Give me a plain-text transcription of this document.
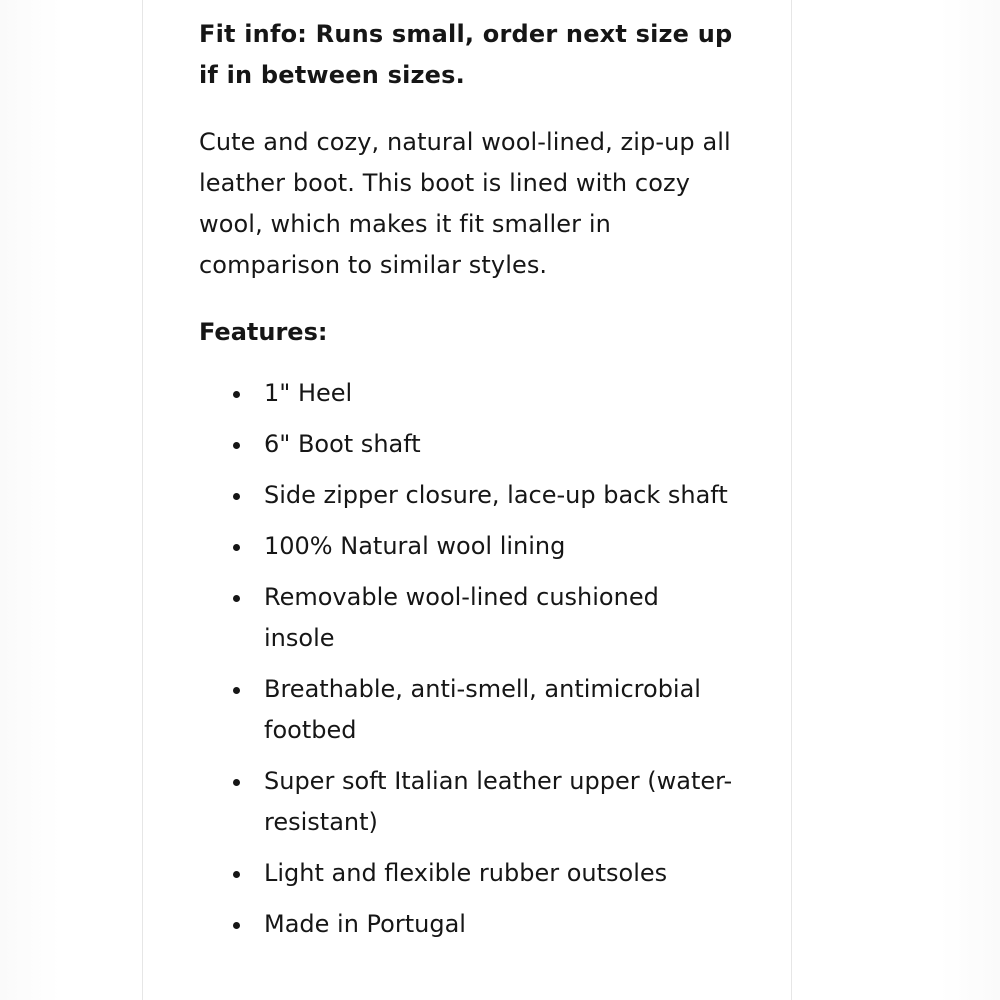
Fit info: Runs small, order next size up if in between sizes.

Cute and cozy, natural wool-lined, zip-up all leather boot. This boot is lined with cozy wool, which makes it fit smaller in comparison to similar styles.

Features:

1" Heel
6" Boot shaft
Side zipper closure, lace-up back shaft
100% Natural wool lining
Removable wool-lined cushioned insole
Breathable, anti-smell, antimicrobial footbed
Super soft Italian leather upper (water-resistant)
Light and flexible rubber outsoles
Made in Portugal
